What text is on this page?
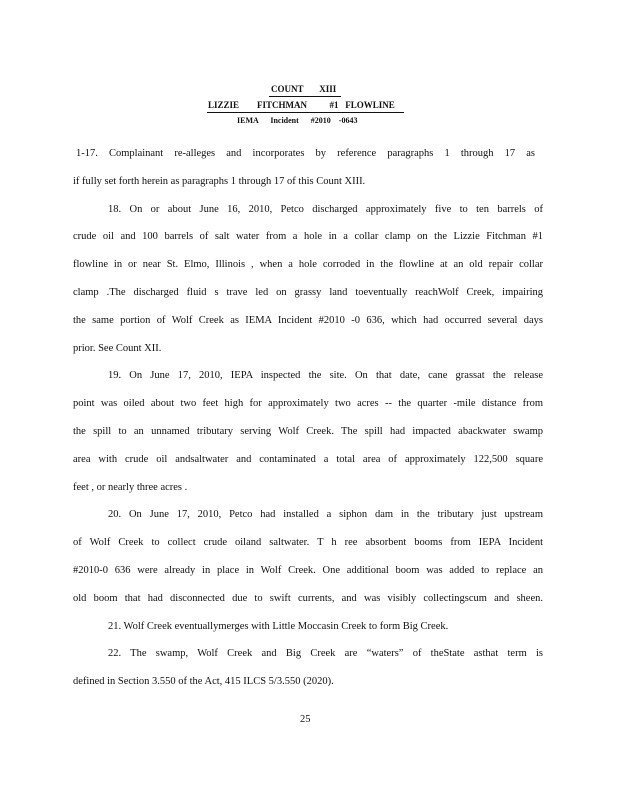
COUNT XIII
LIZZIE        FITCHMAN          #1   FLOWLINE
IEMA      Incident      #2010    -0643
1-17. Complainant re-alleges and incorporates by reference paragraphs 1 through 17 as
if fully set forth herein as paragraphs 1 through 17 of this Count XIII.
18. On or about June 16, 2010, Petco discharged approximately five to ten barrels of
crude oil and 100 barrels of salt water from a hole in a collar clamp on the Lizzie Fitchman #1
flowline in or near St. Elmo, Illinois , when a hole corroded in the flowline at an old repair collar
clamp .The discharged fluid s trave led on grassy land toeventually reachWolf Creek, impairing
the same portion of Wolf Creek as IEMA Incident #2010 -0 636, which had occurred several days
prior. See Count XII.
19. On June 17, 2010, IEPA inspected the site. On that date, cane grassat the release
point was oiled about two feet high for approximately two acres -- the quarter -mile distance from
the spill to an unnamed tributary serving Wolf Creek. The spill had impacted abackwater swamp
area with crude oil andsaltwater and contaminated a total area of approximately 122,500 square
feet , or nearly three acres .
20. On June 17, 2010, Petco had installed a siphon dam in the tributary just upstream
of Wolf Creek to collect crude oiland saltwater. T h ree absorbent booms from IEPA Incident
#2010-0 636 were already in place in Wolf Creek. One additional boom was added to replace an
old boom that had disconnected due to swift currents, and was visibly collectingscum and sheen.
21. Wolf Creek eventuallymerges with Little Moccasin Creek to form Big Creek.
22. The swamp, Wolf Creek and Big Creek are “waters” of theState asthat term is
defined in Section 3.550 of the Act, 415 ILCS 5/3.550 (2020).
25
